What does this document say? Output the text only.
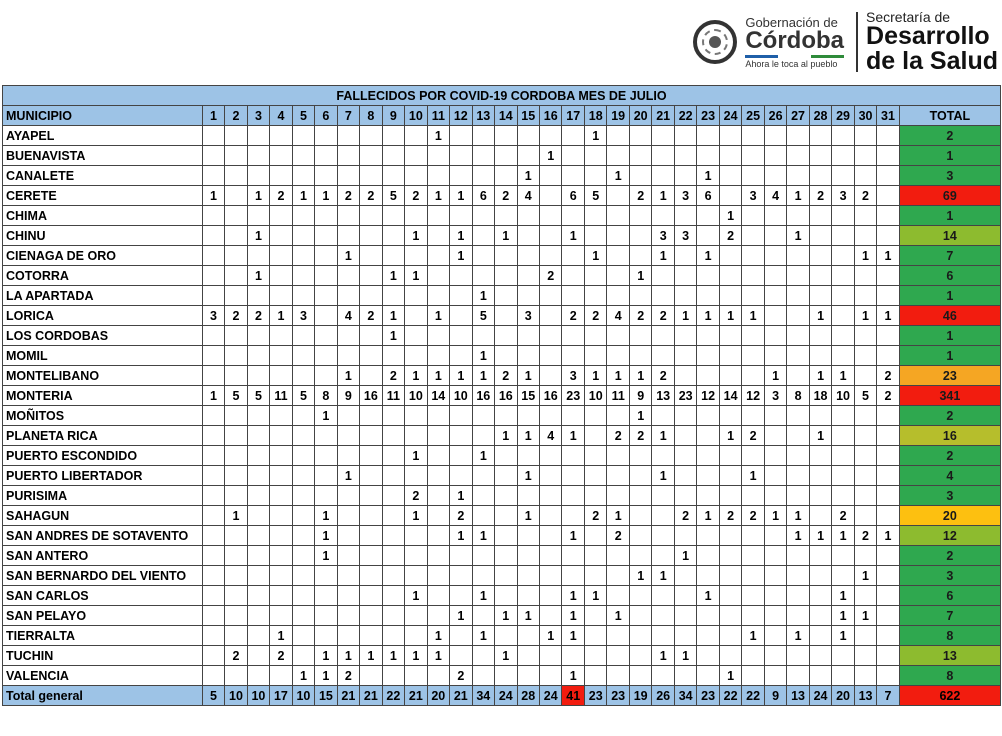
Gobernación de
Córdoba
Ahora le toca al pueblo
Secretaría de
Desarrollo
de la Salud
FALLECIDOS POR COVID-19 CORDOBA MES DE JULIO																																
MUNICIPIO	1	2	3	4	5	6	7	8	9	10	11	12	13	14	15	16	17	18	19	20	21	22	23	24	25	26	27	28	29	30	31	TOTAL
AYAPEL											1							1														2
BUENAVISTA																1																1
CANALETE															1				1				1									3
CERETE	1		1	2	1	1	2	2	5	2	1	1	6	2	4		6	5		2	1	3	6		3	4	1	2	3	2		69
CHIMA																								1								1
CHINU			1							1		1		1			1				3	3		2			1					14
CIENAGA DE ORO							1					1						1			1		1							1	1	7
COTORRA			1						1	1						2				1												6
LA APARTADA													1																			1
LORICA	3	2	2	1	3		4	2	1		1		5		3		2	2	4	2	2	1	1	1	1			1		1	1	46
LOS CORDOBAS									1																							1
MOMIL													1																			1
MONTELIBANO							1		2	1	1	1	1	2	1		3	1	1	1	2					1		1	1		2	23
MONTERIA	1	5	5	11	5	8	9	16	11	10	14	10	16	16	15	16	23	10	11	9	13	23	12	14	12	3	8	18	10	5	2	341
MOÑITOS						1														1												2
PLANETA RICA														1	1	4	1		2	2	1			1	2			1				16
PUERTO ESCONDIDO										1			1																			2
PUERTO LIBERTADOR							1								1						1				1							4
PURISIMA										2		1																				3
SAHAGUN		1				1				1		2			1			2	1			2	1	2	2	1	1		2			20
SAN ANDRES DE SOTAVENTO						1						1	1				1		2								1	1	1	2	1	12
SAN ANTERO						1																1										2
SAN BERNARDO DEL VIENTO																				1	1									1		3
SAN CARLOS										1			1				1	1					1						1			6
SAN PELAYO												1		1	1		1		1										1	1		7
TIERRALTA				1							1		1			1	1								1		1		1			8
TUCHIN		2		2		1	1	1	1	1	1			1							1	1										13
VALENCIA					1	1	2					2					1							1								8
Total general	5	10	10	17	10	15	21	21	22	21	20	21	34	24	28	24	41	23	23	19	26	34	23	22	22	9	13	24	20	13	7	622
